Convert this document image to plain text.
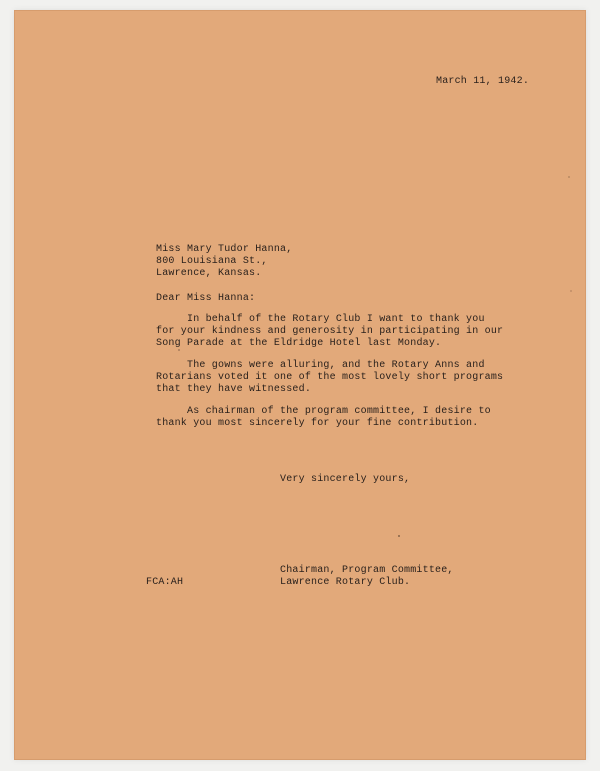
March 11, 1942.

Miss Mary Tudor Hanna,

800 Louisiana St.,

Lawrence, Kansas.

Dear Miss Hanna:

In behalf of the Rotary Club I want to thank you

for your kindness and generosity in participating in our

Song Parade at the Eldridge Hotel last Monday.

The gowns were alluring, and the Rotary Anns and

Rotarians voted it one of the most lovely short programs

that they have witnessed.

As chairman of the program committee, I desire to

thank you most sincerely for your fine contribution.

Very sincerely yours,

Chairman, Program Committee,

Lawrence Rotary Club.

FCA:AH
